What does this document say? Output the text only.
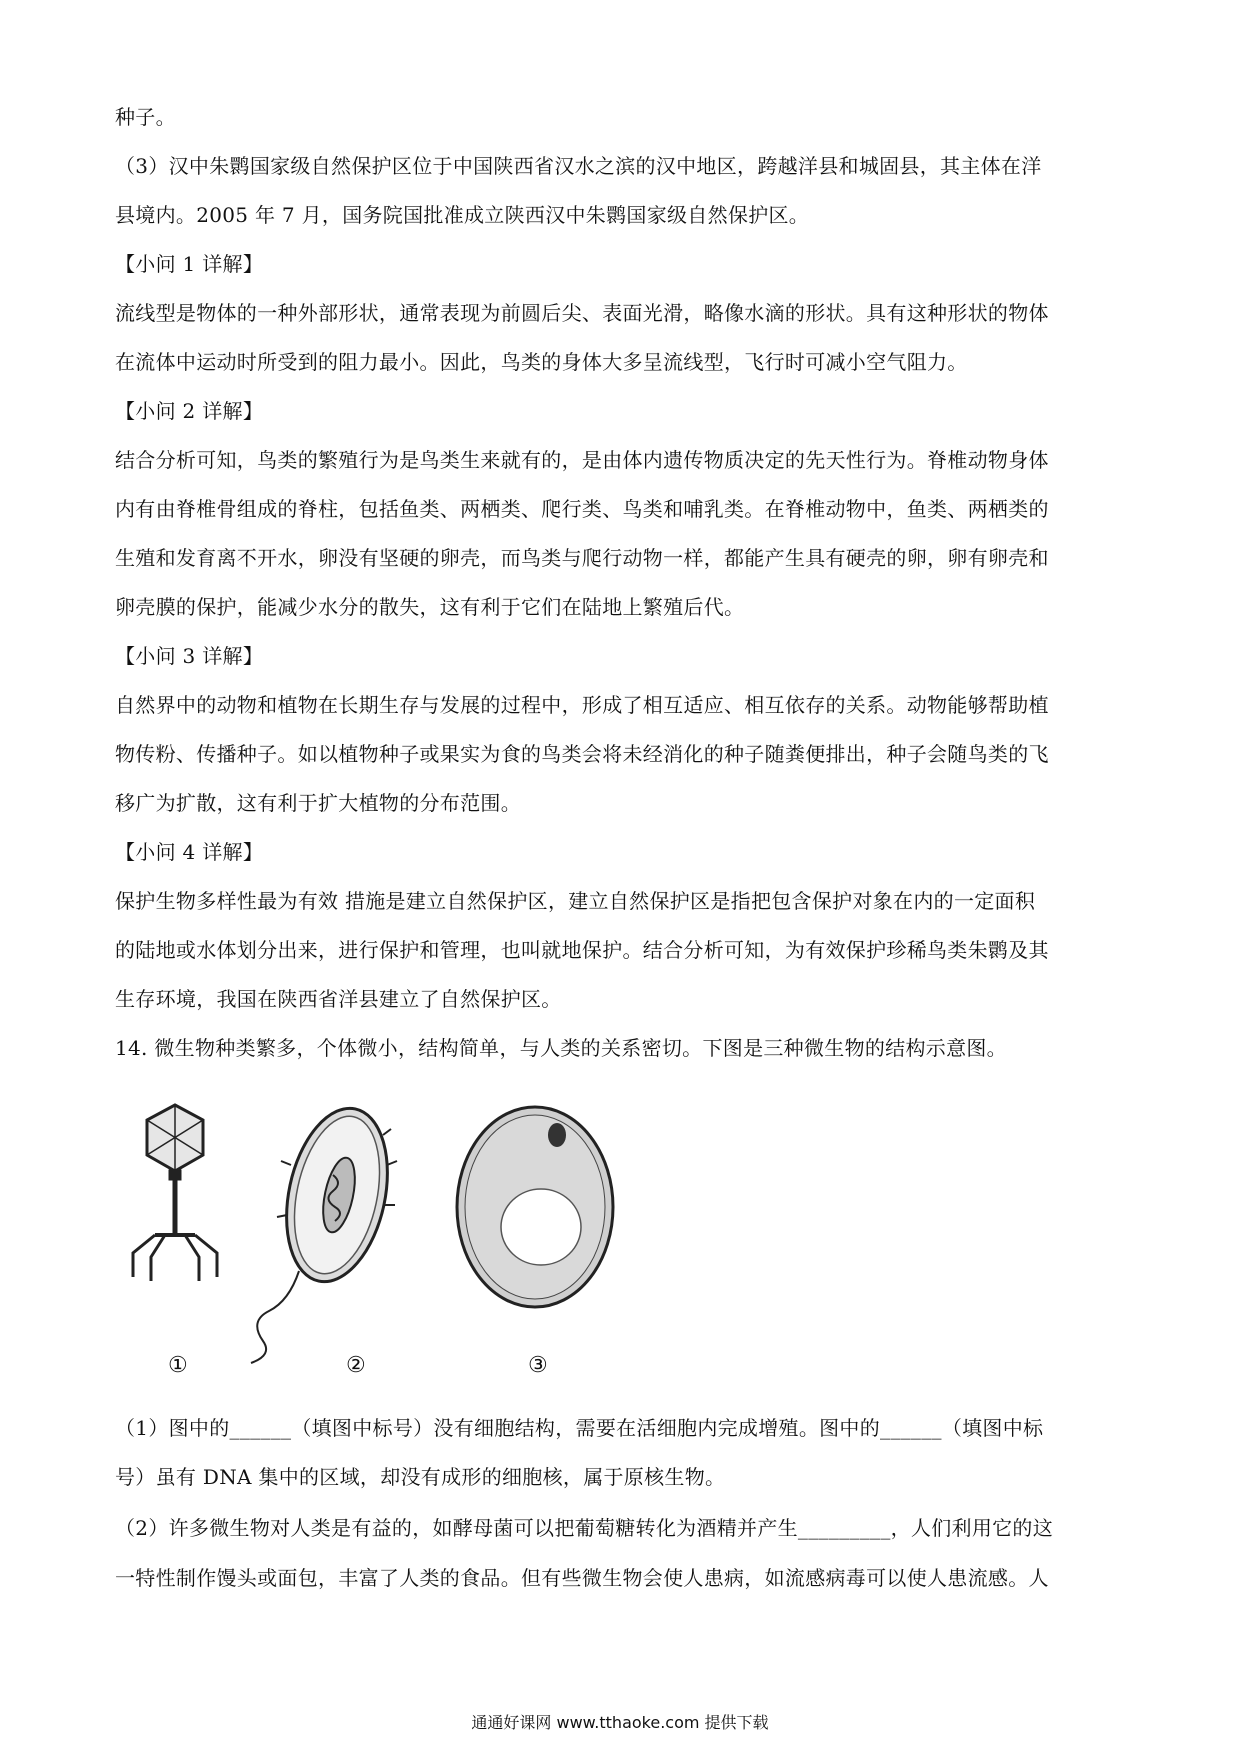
种子。
（3）汉中朱鹮国家级自然保护区位于中国陕西省汉水之滨的汉中地区，跨越洋县和城固县，其主体在洋
县境内。2005 年 7 月，国务院国批准成立陕西汉中朱鹮国家级自然保护区。
【小问 1 详解】
流线型是物体的一种外部形状，通常表现为前圆后尖、表面光滑，略像水滴的形状。具有这种形状的物体
在流体中运动时所受到的阻力最小。因此，鸟类的身体大多呈流线型，飞行时可减小空气阻力。
【小问 2 详解】
结合分析可知，鸟类的繁殖行为是鸟类生来就有的，是由体内遗传物质决定的先天性行为。脊椎动物身体
内有由脊椎骨组成的脊柱，包括鱼类、两栖类、爬行类、鸟类和哺乳类。在脊椎动物中，鱼类、两栖类的
生殖和发育离不开水，卵没有坚硬的卵壳，而鸟类与爬行动物一样，都能产生具有硬壳的卵，卵有卵壳和
卵壳膜的保护，能减少水分的散失，这有利于它们在陆地上繁殖后代。
【小问 3 详解】
自然界中的动物和植物在长期生存与发展的过程中，形成了相互适应、相互依存的关系。动物能够帮助植
物传粉、传播种子。如以植物种子或果实为食的鸟类会将未经消化的种子随粪便排出，种子会随鸟类的飞
移广为扩散，这有利于扩大植物的分布范围。
【小问 4 详解】
保护生物多样性最为有效 措施是建立自然保护区，建立自然保护区是指把包含保护对象在内的一定面积
的陆地或水体划分出来，进行保护和管理，也叫就地保护。结合分析可知，为有效保护珍稀鸟类朱鹮及其
生存环境，我国在陕西省洋县建立了自然保护区。
14. 微生物种类繁多，个体微小，结构简单，与人类的关系密切。下图是三种微生物的结构示意图。
①	②	③
（1）图中的______（填图中标号）没有细胞结构，需要在活细胞内完成增殖。图中的______（填图中标
号）虽有 DNA 集中的区域，却没有成形的细胞核，属于原核生物。
（2）许多微生物对人类是有益的，如酵母菌可以把葡萄糖转化为酒精并产生_________，人们利用它的这
一特性制作馒头或面包，丰富了人类的食品。但有些微生物会使人患病，如流感病毒可以使人患流感。人
通通好课网 www.tthaoke.com 提供下载
